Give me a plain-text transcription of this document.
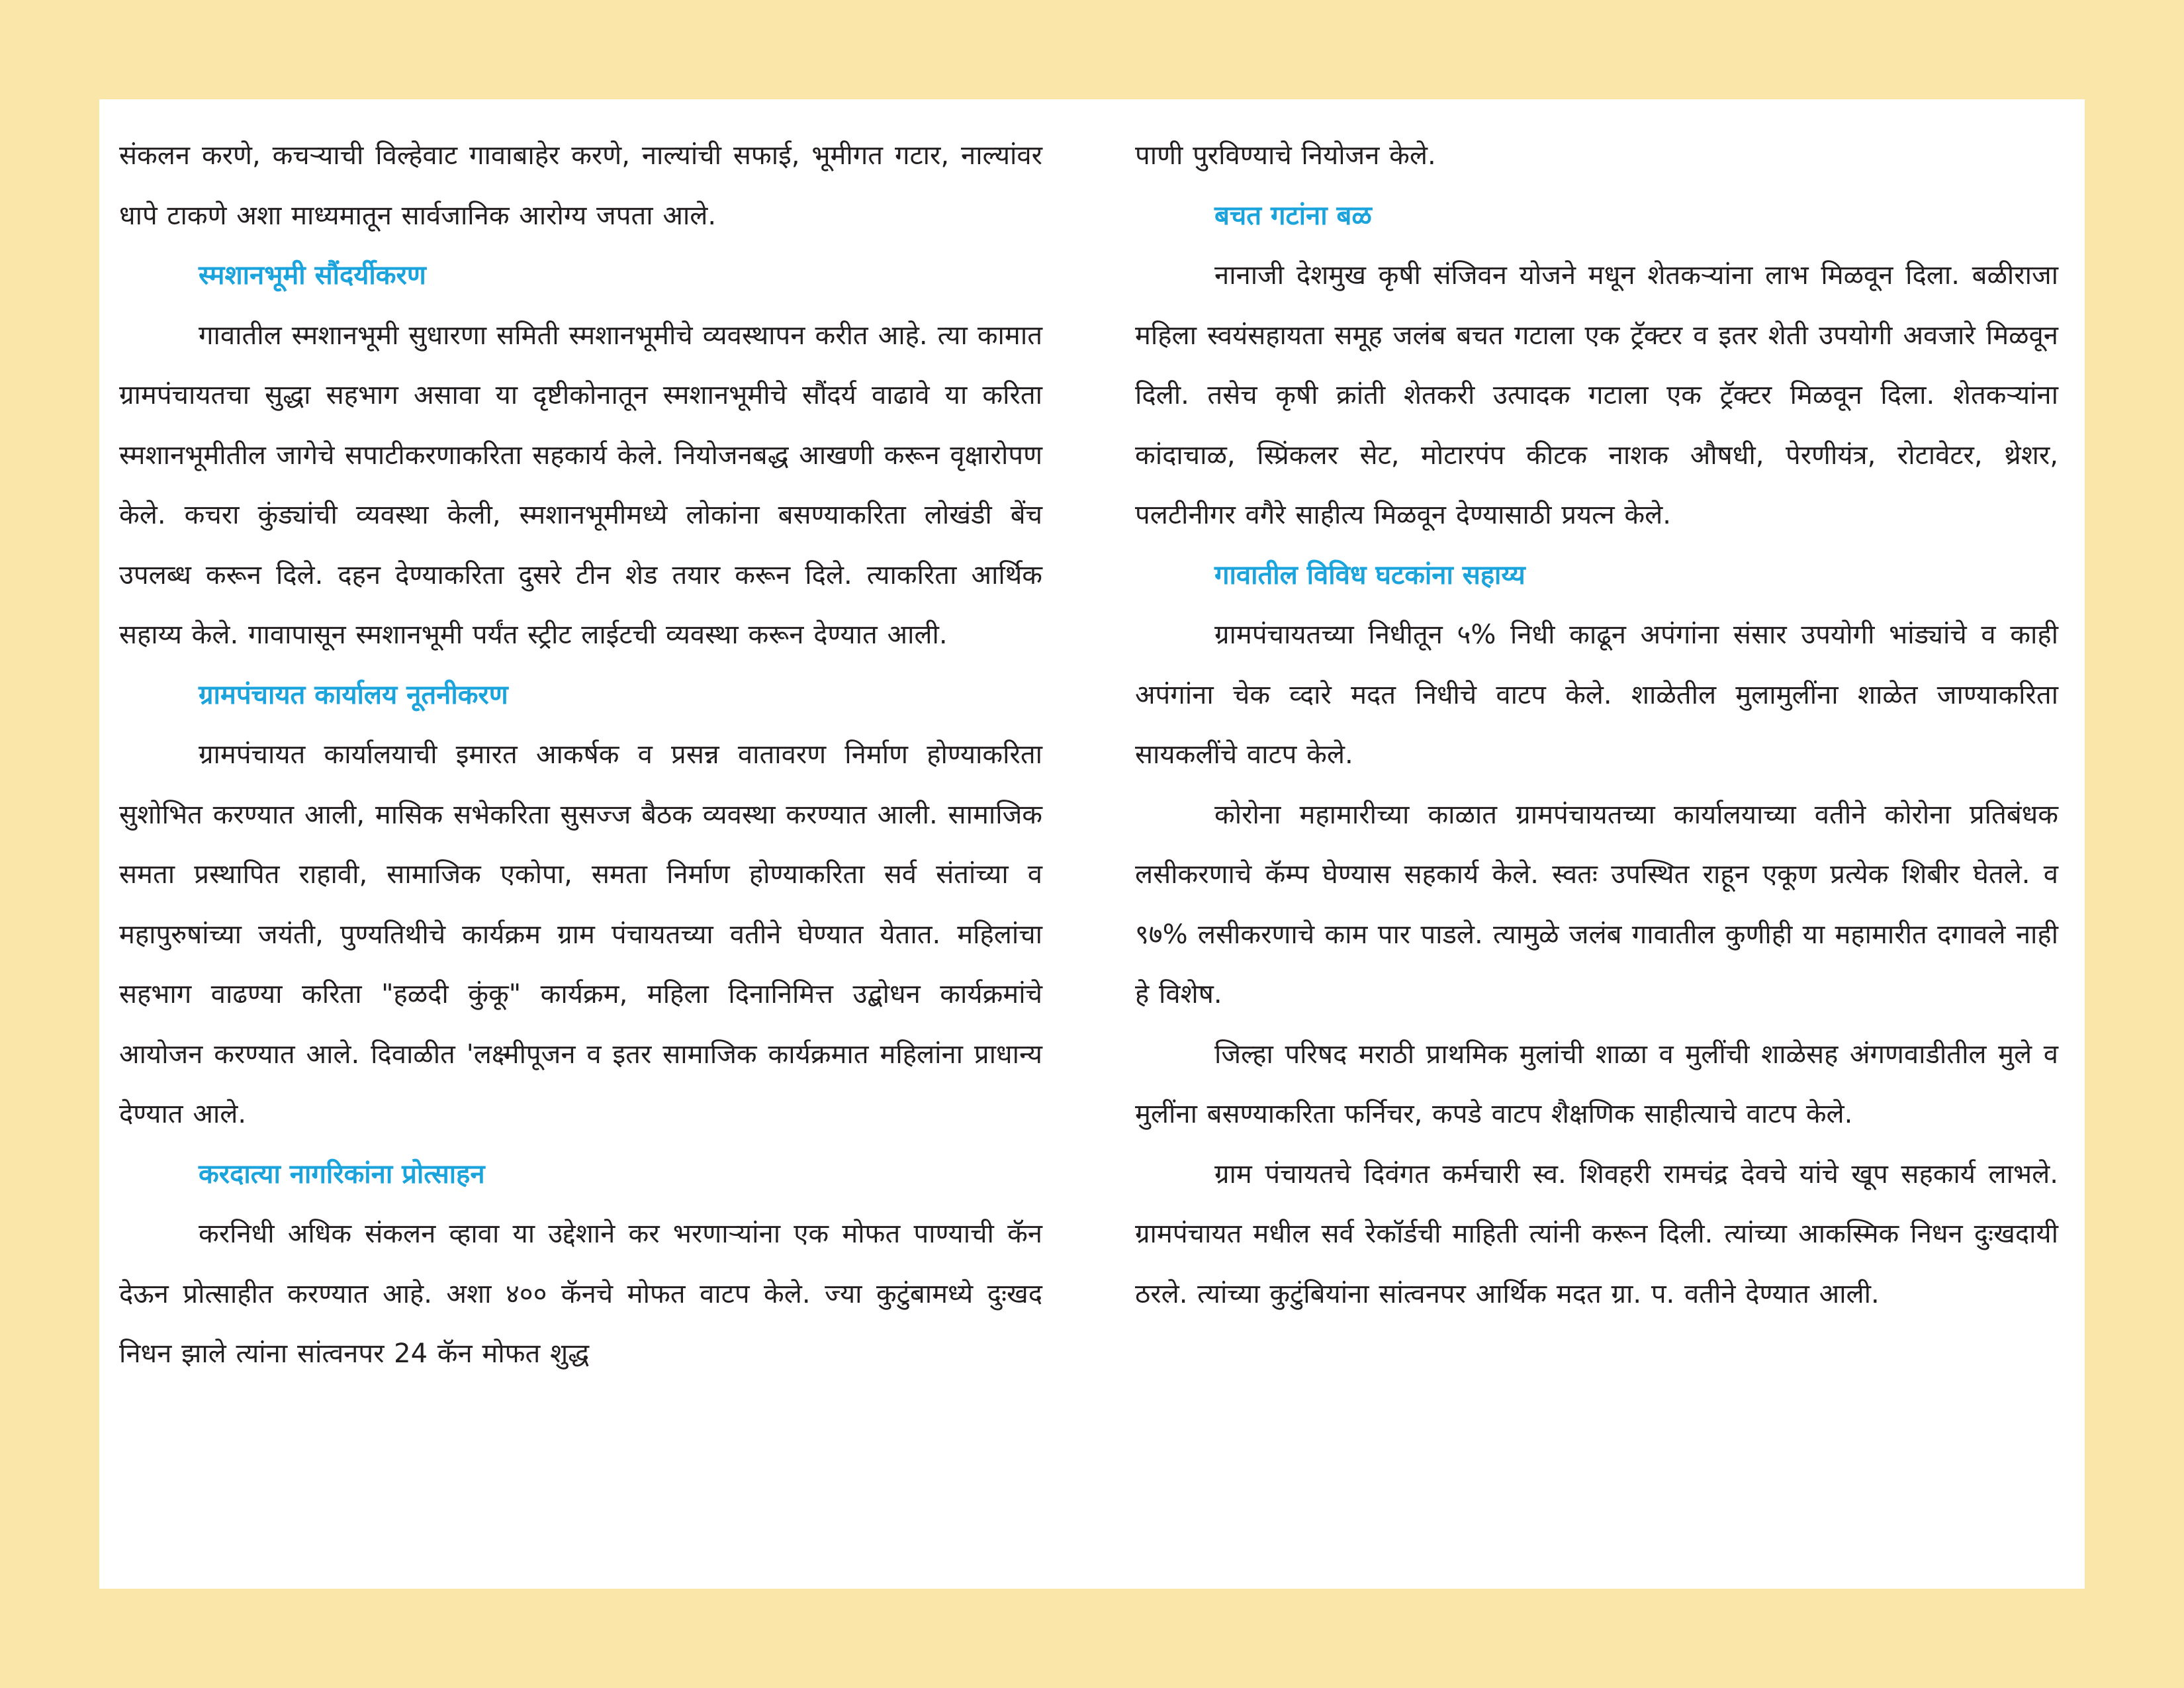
संकलन करणे, कचऱ्याची विल्हेवाट गावाबाहेर करणे, नाल्यांची सफाई, भूमीगत गटार, नाल्यांवर धापे टाकणे अशा माध्यमातून सार्वजानिक आरोग्य जपता आले.

स्मशानभूमी सौंदर्यीकरण

गावातील स्मशानभूमी सुधारणा समिती स्मशानभूमीचे व्यवस्थापन करीत आहे. त्या कामात ग्रामपंचायतचा सुद्धा सहभाग असावा या दृष्टीकोनातून स्मशानभूमीचे सौंदर्य वाढावे या करिता स्मशानभूमीतील जागेचे सपाटीकरणाकरिता सहकार्य केले. नियोजनबद्ध आखणी करून वृक्षारोपण केले. कचरा कुंड्यांची व्यवस्था केली, स्मशानभूमीमध्ये लोकांना बसण्याकरिता लोखंडी बेंच उपलब्ध करून दिले. दहन देण्याकरिता दुसरे टीन शेड तयार करून दिले. त्याकरिता आर्थिक सहाय्य केले. गावापासून स्मशानभूमी पर्यंत स्ट्रीट लाईटची व्यवस्था करून देण्यात आली.

ग्रामपंचायत कार्यालय नूतनीकरण

ग्रामपंचायत कार्यालयाची इमारत आकर्षक व प्रसन्न वातावरण निर्माण होण्याकरिता सुशोभित करण्यात आली, मासिक सभेकरिता सुसज्ज बैठक व्यवस्था करण्यात आली. सामाजिक समता प्रस्थापित राहावी, सामाजिक एकोपा, समता निर्माण होण्याकरिता सर्व संतांच्या व महापुरुषांच्या जयंती, पुण्यतिथीचे कार्यक्रम ग्राम पंचायतच्या वतीने घेण्यात येतात. महिलांचा सहभाग वाढण्या करिता "हळदी कुंकू" कार्यक्रम, महिला दिनानिमित्त उद्बोधन कार्यक्रमांचे आयोजन करण्यात आले. दिवाळीत 'लक्ष्मीपूजन व इतर सामाजिक कार्यक्रमात महिलांना प्राधान्य देण्यात आले.

करदात्या नागरिकांना प्रोत्साहन

करनिधी अधिक संकलन व्हावा या उद्देशाने कर भरणाऱ्यांना एक मोफत पाण्याची कॅन देऊन प्रोत्साहीत करण्यात आहे. अशा ४०० कॅनचे मोफत वाटप केले. ज्या कुटुंबामध्ये दुःखद निधन झाले त्यांना सांत्वनपर 24 कॅन मोफत शुद्ध

पाणी पुरविण्याचे नियोजन केले.

बचत गटांना बळ

नानाजी देशमुख कृषी संजिवन योजने मधून शेतकऱ्यांना लाभ मिळवून दिला. बळीराजा महिला स्वयंसहायता समूह जलंब बचत गटाला एक ट्रॅक्टर व इतर शेती उपयोगी अवजारे मिळवून दिली. तसेच कृषी क्रांती शेतकरी उत्पादक गटाला एक ट्रॅक्टर मिळवून दिला. शेतकऱ्यांना कांदाचाळ, स्प्रिंकलर सेट, मोटारपंप कीटक नाशक औषधी, पेरणीयंत्र, रोटावेटर, थ्रेशर, पलटीनीगर वगैरे साहीत्य मिळवून देण्यासाठी प्रयत्न केले.

गावातील विविध घटकांना सहाय्य

ग्रामपंचायतच्या निधीतून ५% निधी काढून अपंगांना संसार उपयोगी भांड्यांचे व काही अपंगांना चेक व्दारे मदत निधीचे वाटप केले. शाळेतील मुलामुलींना शाळेत जाण्याकरिता सायकलींचे वाटप केले.

कोरोना महामारीच्या काळात ग्रामपंचायतच्या कार्यालयाच्या वतीने कोरोना प्रतिबंधक लसीकरणाचे कॅम्प घेण्यास सहकार्य केले. स्वतः उपस्थित राहून एकूण प्रत्येक शिबीर घेतले. व ९७% लसीकरणाचे काम पार पाडले. त्यामुळे जलंब गावातील कुणीही या महामारीत दगावले नाही हे विशेष.

जिल्हा परिषद मराठी प्राथमिक मुलांची शाळा व मुलींची शाळेसह अंगणवाडीतील मुले व मुलींना बसण्याकरिता फर्निचर, कपडे वाटप शैक्षणिक साहीत्याचे वाटप केले.

ग्राम पंचायतचे दिवंगत कर्मचारी स्व. शिवहरी रामचंद्र देवचे यांचे खूप सहकार्य लाभले. ग्रामपंचायत मधील सर्व रेकॉर्डची माहिती त्यांनी करून दिली. त्यांच्या आकस्मिक निधन दुःखदायी ठरले. त्यांच्या कुटुंबियांना सांत्वनपर आर्थिक मदत ग्रा. प. वतीने देण्यात आली.
